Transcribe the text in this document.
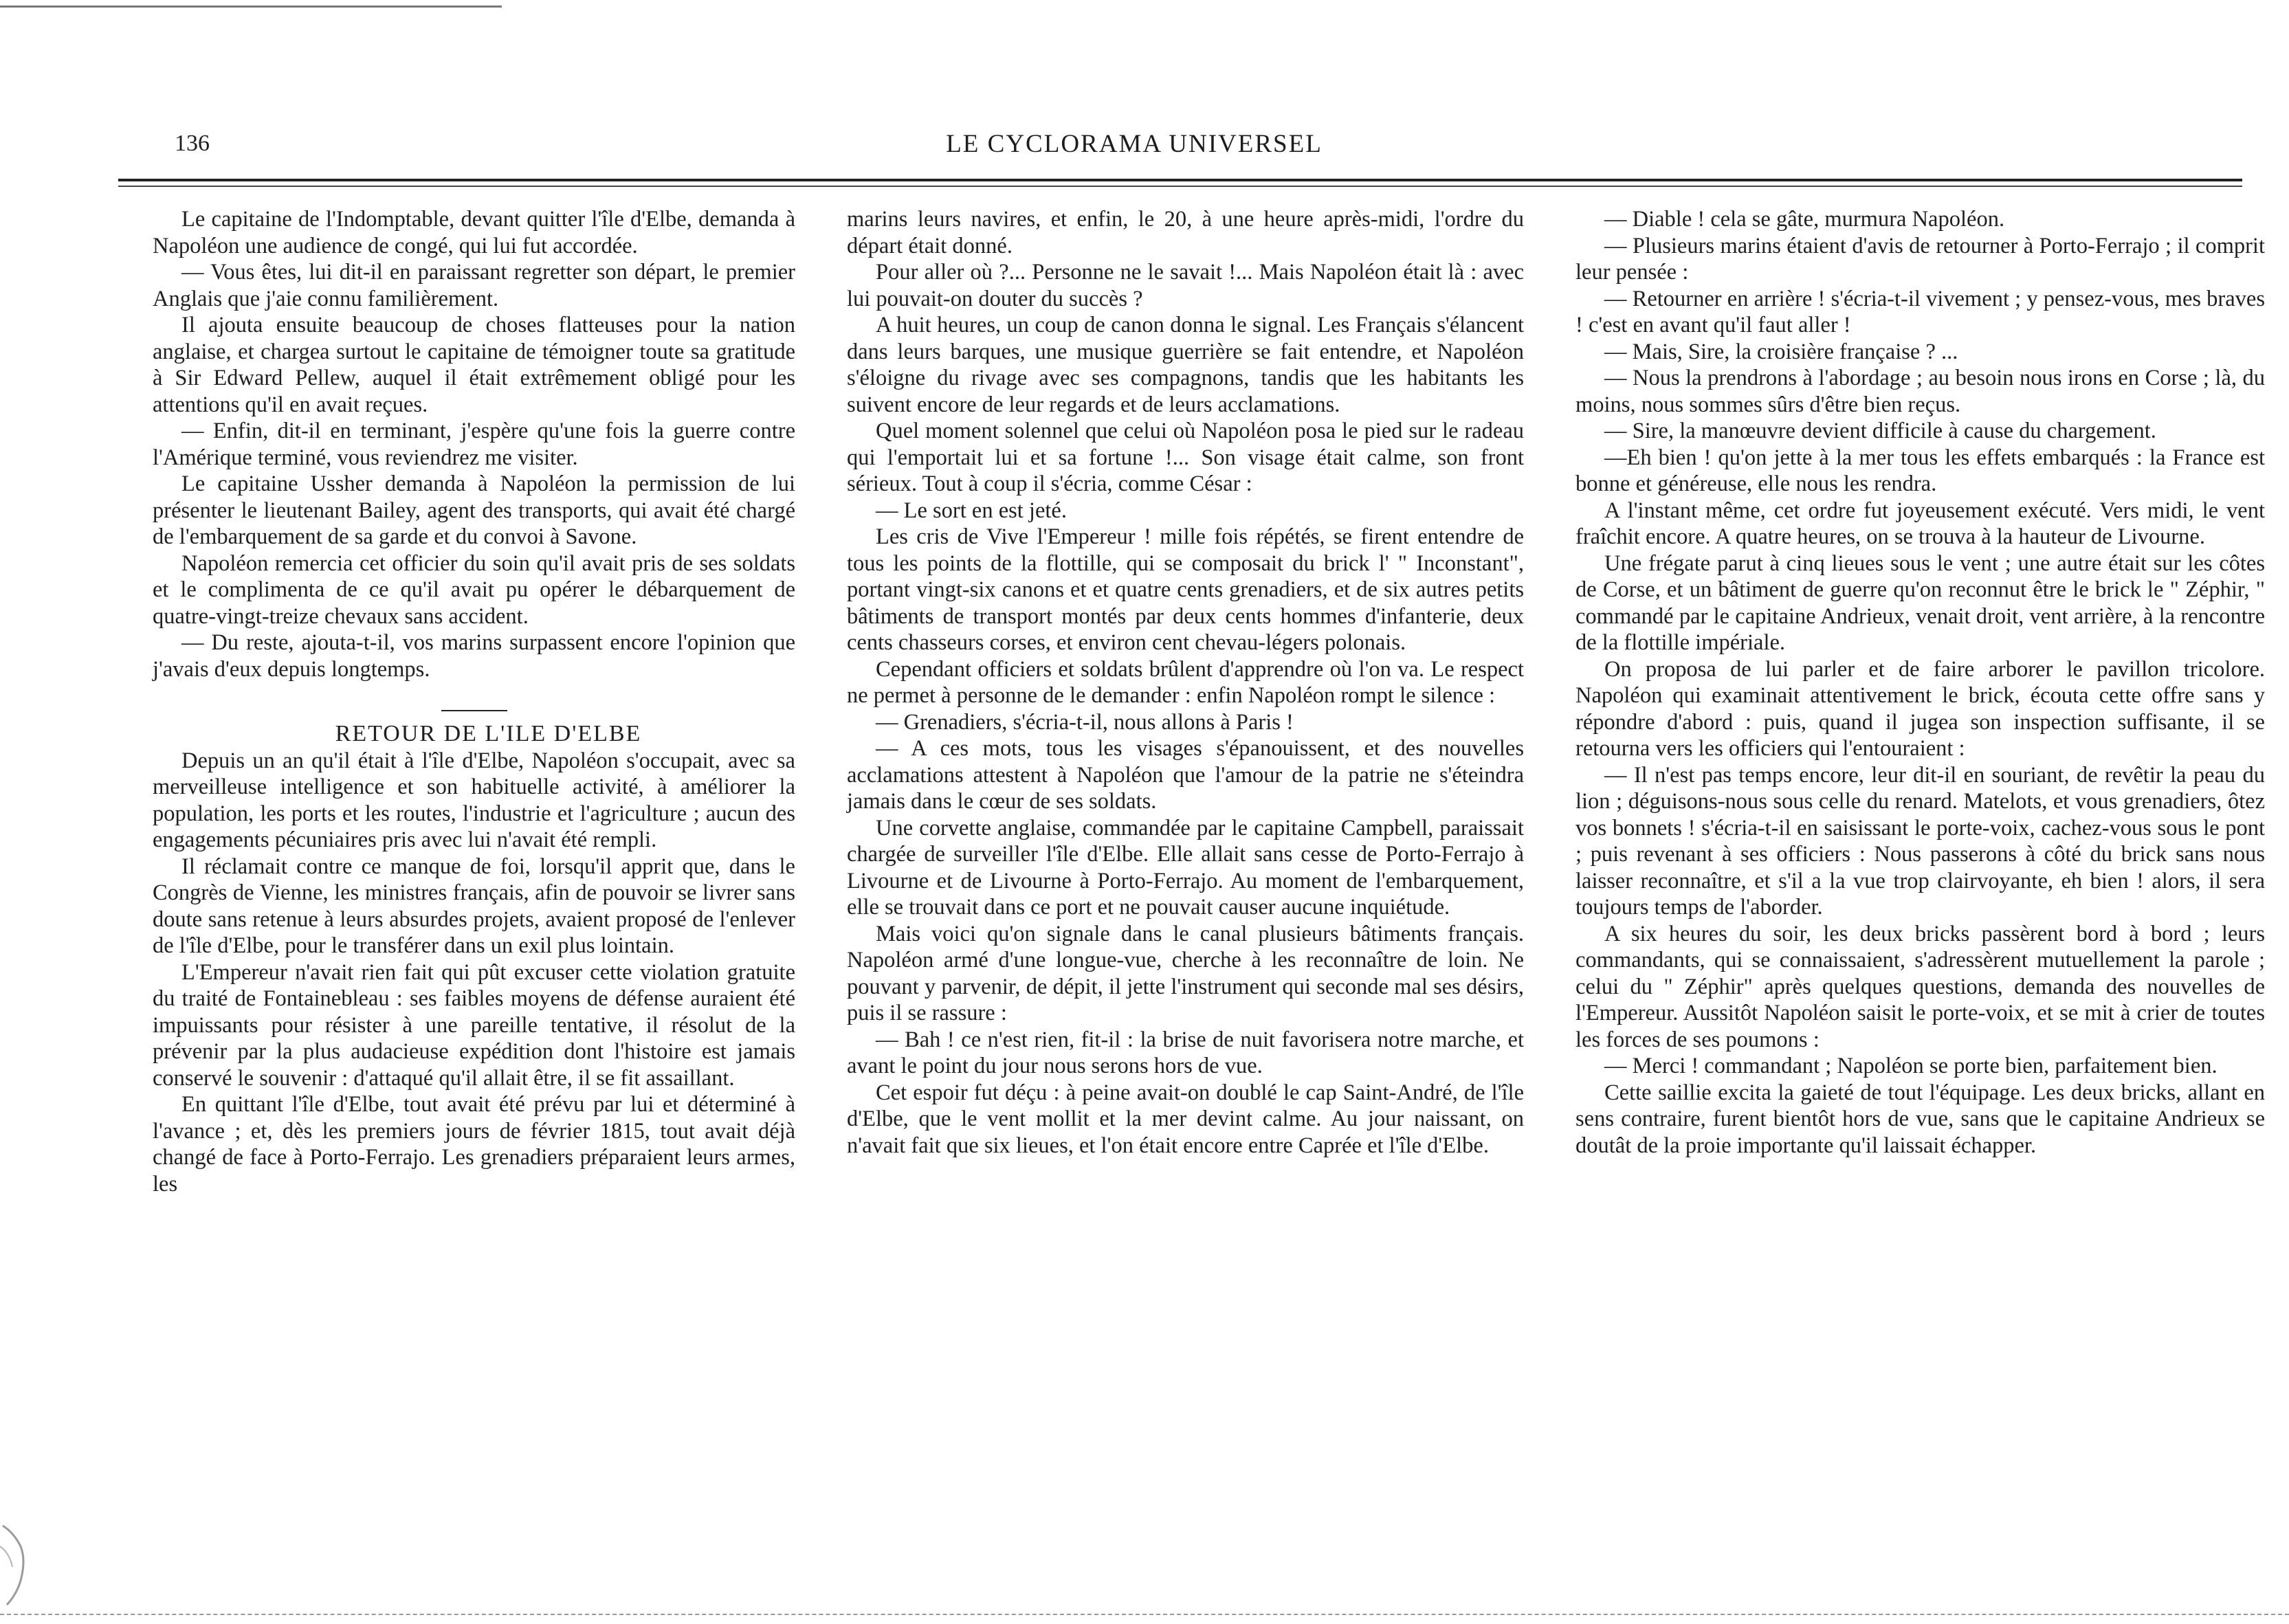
136	LE CYCLORAMA UNIVERSEL

Le capitaine de l'Indomptable, devant quitter l'île d'Elbe, demanda à Napoléon une audience de congé, qui lui fut accordée.

— Vous êtes, lui dit-il en paraissant regretter son départ, le premier Anglais que j'aie connu familièrement.

Il ajouta ensuite beaucoup de choses flatteuses pour la nation anglaise, et chargea surtout le capitaine de témoigner toute sa gratitude à Sir Edward Pellew, auquel il était extrêmement obligé pour les attentions qu'il en avait reçues.

— Enfin, dit-il en terminant, j'espère qu'une fois la guerre contre l'Amérique terminé, vous reviendrez me visiter.

Le capitaine Ussher demanda à Napoléon la permission de lui présenter le lieutenant Bailey, agent des transports, qui avait été chargé de l'embarquement de sa garde et du convoi à Savone.

Napoléon remercia cet officier du soin qu'il avait pris de ses soldats et le complimenta de ce qu'il avait pu opérer le débarquement de quatre-vingt-treize chevaux sans accident.

— Du reste, ajouta-t-il, vos marins surpassent encore l'opinion que j'avais d'eux depuis longtemps.

RETOUR DE L'ILE D'ELBE

Depuis un an qu'il était à l'île d'Elbe, Napoléon s'occupait, avec sa merveilleuse intelligence et son habituelle activité, à améliorer la population, les ports et les routes, l'industrie et l'agriculture ; aucun des engagements pécuniaires pris avec lui n'avait été rempli.

Il réclamait contre ce manque de foi, lorsqu'il apprit que, dans le Congrès de Vienne, les ministres français, afin de pouvoir se livrer sans doute sans retenue à leurs absurdes projets, avaient proposé de l'enlever de l'île d'Elbe, pour le transférer dans un exil plus lointain.

L'Empereur n'avait rien fait qui pût excuser cette violation gratuite du traité de Fontainebleau : ses faibles moyens de défense auraient été impuissants pour résister à une pareille tentative, il résolut de la prévenir par la plus audacieuse expédition dont l'histoire est jamais conservé le souvenir : d'attaqué qu'il allait être, il se fit assaillant.

En quittant l'île d'Elbe, tout avait été prévu par lui et déterminé à l'avance ; et, dès les premiers jours de février 1815, tout avait déjà changé de face à Porto-Ferrajo. Les grenadiers préparaient leurs armes, les

marins leurs navires, et enfin, le 20, à une heure après-midi, l'ordre du départ était donné.

Pour aller où ?... Personne ne le savait !... Mais Napoléon était là : avec lui pouvait-on douter du succès ?

A huit heures, un coup de canon donna le signal. Les Français s'élancent dans leurs barques, une musique guerrière se fait entendre, et Napoléon s'éloigne du rivage avec ses compagnons, tandis que les habitants les suivent encore de leur regards et de leurs acclamations.

Quel moment solennel que celui où Napoléon posa le pied sur le radeau qui l'emportait lui et sa fortune !... Son visage était calme, son front sérieux. Tout à coup il s'écria, comme César :

— Le sort en est jeté.

Les cris de Vive l'Empereur ! mille fois répétés, se firent entendre de tous les points de la flottille, qui se composait du brick l' " Inconstant", portant vingt-six canons et et quatre cents grenadiers, et de six autres petits bâtiments de transport montés par deux cents hommes d'infanterie, deux cents chasseurs corses, et environ cent chevau-légers polonais.

Cependant officiers et soldats brûlent d'apprendre où l'on va. Le respect ne permet à personne de le demander : enfin Napoléon rompt le silence :

— Grenadiers, s'écria-t-il, nous allons à Paris !

— A ces mots, tous les visages s'épanouissent, et des nouvelles acclamations attestent à Napoléon que l'amour de la patrie ne s'éteindra jamais dans le cœur de ses soldats.

Une corvette anglaise, commandée par le capitaine Campbell, paraissait chargée de surveiller l'île d'Elbe. Elle allait sans cesse de Porto-Ferrajo à Livourne et de Livourne à Porto-Ferrajo. Au moment de l'embarquement, elle se trouvait dans ce port et ne pouvait causer aucune inquiétude.

Mais voici qu'on signale dans le canal plusieurs bâtiments français. Napoléon armé d'une longue-vue, cherche à les reconnaître de loin. Ne pouvant y parvenir, de dépit, il jette l'instrument qui seconde mal ses désirs, puis il se rassure :

— Bah ! ce n'est rien, fit-il : la brise de nuit favorisera notre marche, et avant le point du jour nous serons hors de vue.

Cet espoir fut déçu : à peine avait-on doublé le cap Saint-André, de l'île d'Elbe, que le vent mollit et la mer devint calme. Au jour naissant, on n'avait fait que six lieues, et l'on était encore entre Caprée et l'île d'Elbe.

— Diable ! cela se gâte, murmura Napoléon.

— Plusieurs marins étaient d'avis de retourner à Porto-Ferrajo ; il comprit leur pensée :

— Retourner en arrière ! s'écria-t-il vivement ; y pensez-vous, mes braves ! c'est en avant qu'il faut aller !

— Mais, Sire, la croisière française ? ...

— Nous la prendrons à l'abordage ; au besoin nous irons en Corse ; là, du moins, nous sommes sûrs d'être bien reçus.

— Sire, la manœuvre devient difficile à cause du chargement.

—Eh bien ! qu'on jette à la mer tous les effets embarqués : la France est bonne et généreuse, elle nous les rendra.

A l'instant même, cet ordre fut joyeusement exécuté. Vers midi, le vent fraîchit encore. A quatre heures, on se trouva à la hauteur de Livourne.

Une frégate parut à cinq lieues sous le vent ; une autre était sur les côtes de Corse, et un bâtiment de guerre qu'on reconnut être le brick le " Zéphir, " commandé par le capitaine Andrieux, venait droit, vent arrière, à la rencontre de la flottille impériale.

On proposa de lui parler et de faire arborer le pavillon tricolore. Napoléon qui examinait attentivement le brick, écouta cette offre sans y répondre d'abord : puis, quand il jugea son inspection suffisante, il se retourna vers les officiers qui l'entouraient :

— Il n'est pas temps encore, leur dit-il en souriant, de revêtir la peau du lion ; déguisons-nous sous celle du renard. Matelots, et vous grenadiers, ôtez vos bonnets ! s'écria-t-il en saisissant le porte-voix, cachez-vous sous le pont ; puis revenant à ses officiers : Nous passerons à côté du brick sans nous laisser reconnaître, et s'il a la vue trop clairvoyante, eh bien ! alors, il sera toujours temps de l'aborder.

A six heures du soir, les deux bricks passèrent bord à bord ; leurs commandants, qui se connaissaient, s'adressèrent mutuellement la parole ; celui du " Zéphir" après quelques questions, demanda des nouvelles de l'Empereur. Aussitôt Napoléon saisit le porte-voix, et se mit à crier de toutes les forces de ses poumons :

— Merci ! commandant ; Napoléon se porte bien, parfaitement bien.

Cette saillie excita la gaieté de tout l'équipage. Les deux bricks, allant en sens contraire, furent bientôt hors de vue, sans que le capitaine Andrieux se doutât de la proie importante qu'il laissait échapper.
